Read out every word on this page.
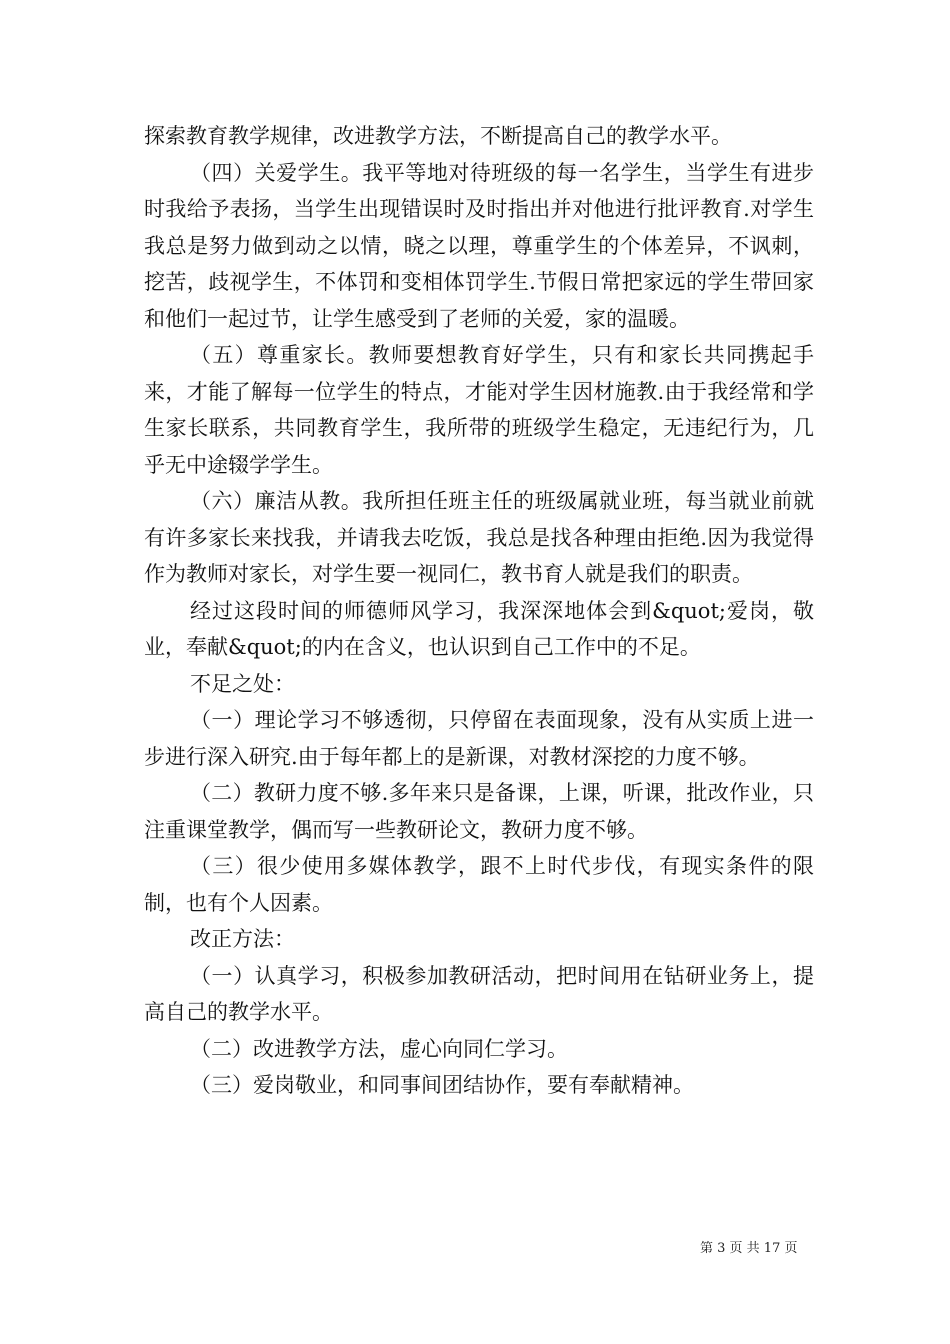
探索教育教学规律，改进教学方法，不断提高自己的教学水平。

（四）关爱学生。我平等地对待班级的每一名学生，当学生有进步时我给予表扬，当学生出现错误时及时指出并对他进行批评教育.对学生我总是努力做到动之以情，晓之以理，尊重学生的个体差异，不讽刺，挖苦，歧视学生，不体罚和变相体罚学生.节假日常把家远的学生带回家和他们一起过节，让学生感受到了老师的关爱，家的温暖。

（五）尊重家长。教师要想教育好学生，只有和家长共同携起手来，才能了解每一位学生的特点，才能对学生因材施教.由于我经常和学生家长联系，共同教育学生，我所带的班级学生稳定，无违纪行为，几乎无中途辍学学生。

（六）廉洁从教。我所担任班主任的班级属就业班，每当就业前就有许多家长来找我，并请我去吃饭，我总是找各种理由拒绝.因为我觉得作为教师对家长，对学生要一视同仁，教书育人就是我们的职责。

经过这段时间的师德师风学习，我深深地体会到&quot;爱岗，敬业，奉献&quot;的内在含义，也认识到自己工作中的不足。

不足之处：

（一）理论学习不够透彻，只停留在表面现象，没有从实质上进一步进行深入研究.由于每年都上的是新课，对教材深挖的力度不够。

（二）教研力度不够.多年来只是备课，上课，听课，批改作业，只注重课堂教学，偶而写一些教研论文，教研力度不够。

（三）很少使用多媒体教学，跟不上时代步伐，有现实条件的限制，也有个人因素。

改正方法：

（一）认真学习，积极参加教研活动，把时间用在钻研业务上，提高自己的教学水平。

（二）改进教学方法，虚心向同仁学习。

（三）爱岗敬业，和同事间团结协作，要有奉献精神。

第 3 页 共 17 页
